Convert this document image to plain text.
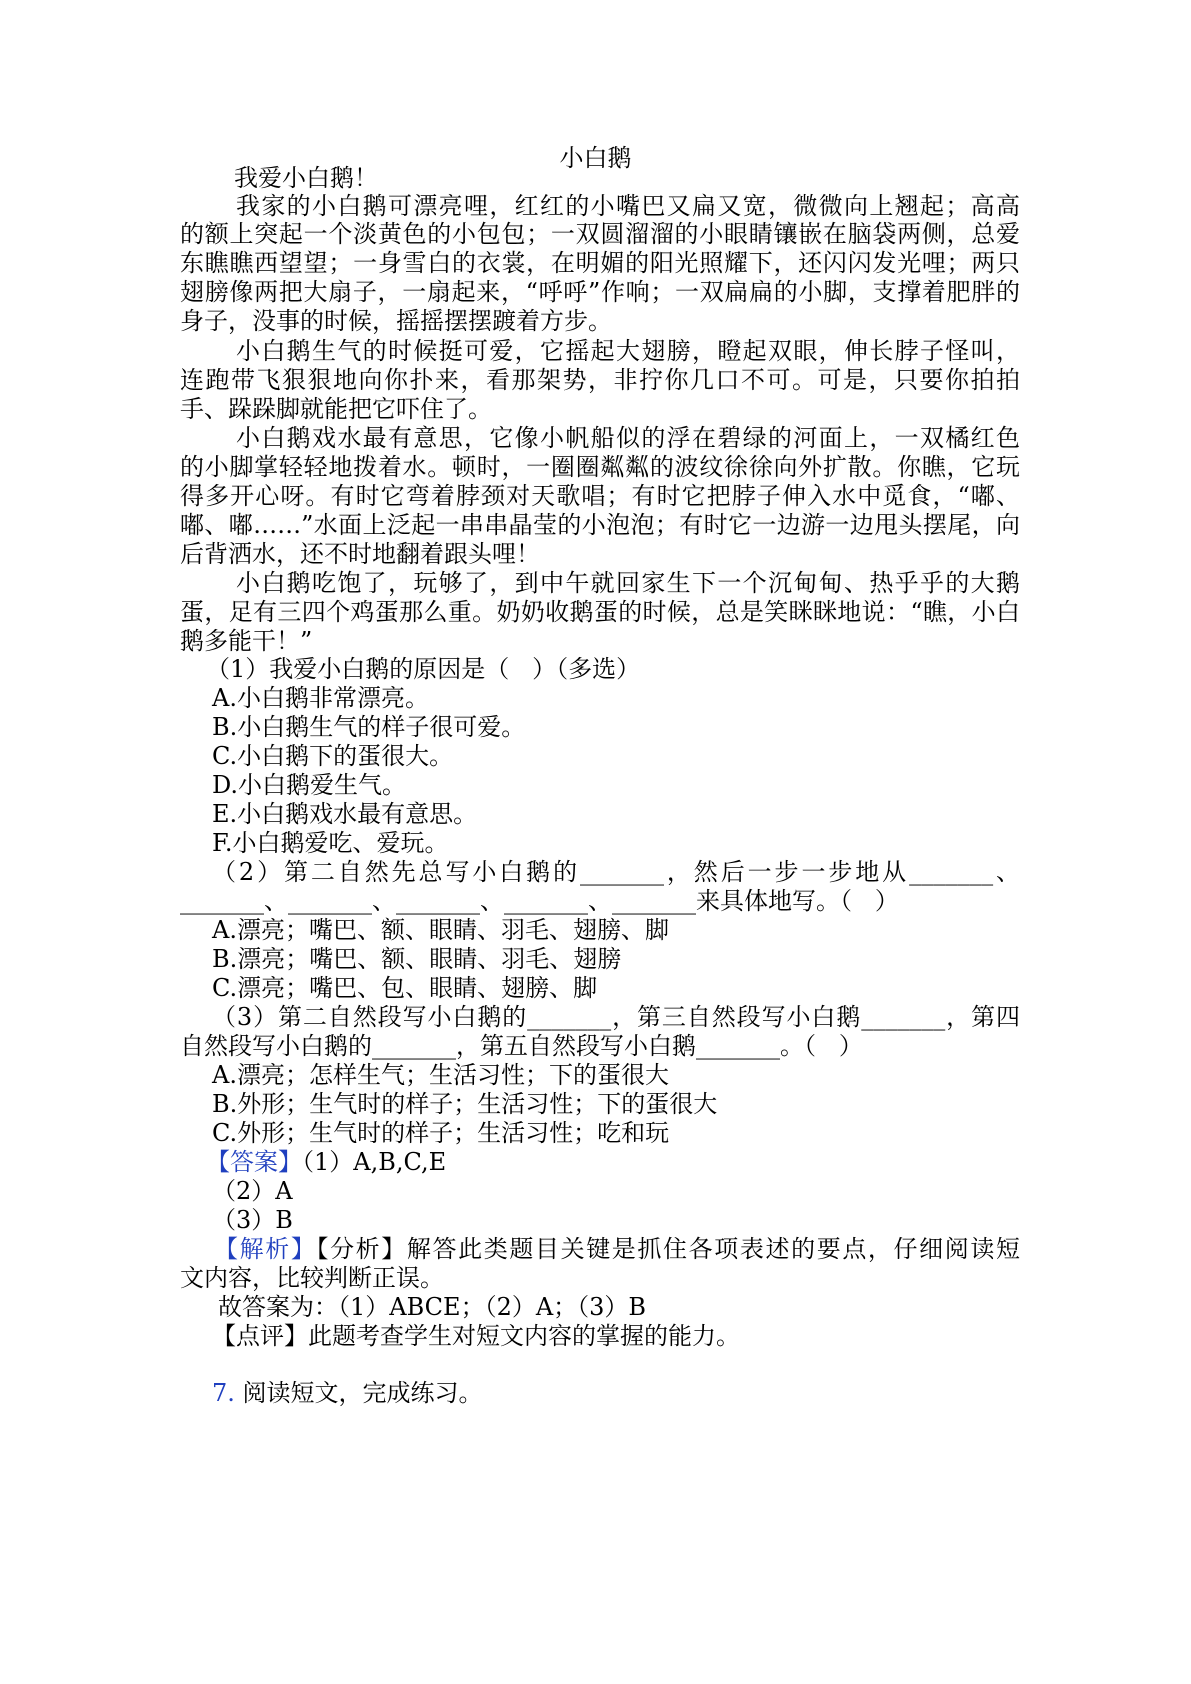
小白鹅
我爱小白鹅！
我家的小白鹅可漂亮哩，红红的小嘴巴又扁又宽，微微向上翘起；高高
的额上突起一个淡黄色的小包包；一双圆溜溜的小眼睛镶嵌在脑袋两侧，总爱
东瞧瞧西望望；一身雪白的衣裳，在明媚的阳光照耀下，还闪闪发光哩；两只
翅膀像两把大扇子，一扇起来，“呼呼”作响；一双扁扁的小脚，支撑着肥胖的
身子，没事的时候，摇摇摆摆踱着方步。
小白鹅生气的时候挺可爱，它摇起大翅膀，瞪起双眼，伸长脖子怪叫，
连跑带飞狠狠地向你扑来，看那架势，非拧你几口不可。可是，只要你拍拍
手、跺跺脚就能把它吓住了。
小白鹅戏水最有意思，它像小帆船似的浮在碧绿的河面上，一双橘红色
的小脚掌轻轻地拨着水。顿时，一圈圈粼粼的波纹徐徐向外扩散。你瞧，它玩
得多开心呀。有时它弯着脖颈对天歌唱；有时它把脖子伸入水中觅食，“嘟、
嘟、嘟……”水面上泛起一串串晶莹的小泡泡；有时它一边游一边甩头摆尾，向
后背洒水，还不时地翻着跟头哩！
小白鹅吃饱了，玩够了，到中午就回家生下一个沉甸甸、热乎乎的大鹅
蛋，足有三四个鸡蛋那么重。奶奶收鹅蛋的时候，总是笑眯眯地说：“瞧，小白
鹅多能干！”
（1）我爱小白鹅的原因是（   ）（多选）
A.小白鹅非常漂亮。
B.小白鹅生气的样子很可爱。
C.小白鹅下的蛋很大。
D.小白鹅爱生气。
E.小白鹅戏水最有意思。
F.小白鹅爱吃、爱玩。
（2）第二自然先总写小白鹅的_______，然后一步一步地从_______、
_______、_______、_______、_______、_______来具体地写。（   ）
A.漂亮；嘴巴、额、眼睛、羽毛、翅膀、脚
B.漂亮；嘴巴、额、眼睛、羽毛、翅膀
C.漂亮；嘴巴、包、眼睛、翅膀、脚
（3）第二自然段写小白鹅的_______，第三自然段写小白鹅_______，第四
自然段写小白鹅的_______，第五自然段写小白鹅_______。（   ）
A.漂亮；怎样生气；生活习性；下的蛋很大
B.外形；生气时的样子；生活习性；下的蛋很大
C.外形；生气时的样子；生活习性；吃和玩
【答案】（1）A,B,C,E
（2）A
（3）B
【解析】【分析】解答此类题目关键是抓住各项表述的要点，仔细阅读短
文内容，比较判断正误。
故答案为：（1）ABCE；（2）A；（3）B
【点评】此题考查学生对短文内容的掌握的能力。
7. 阅读短文，完成练习。
